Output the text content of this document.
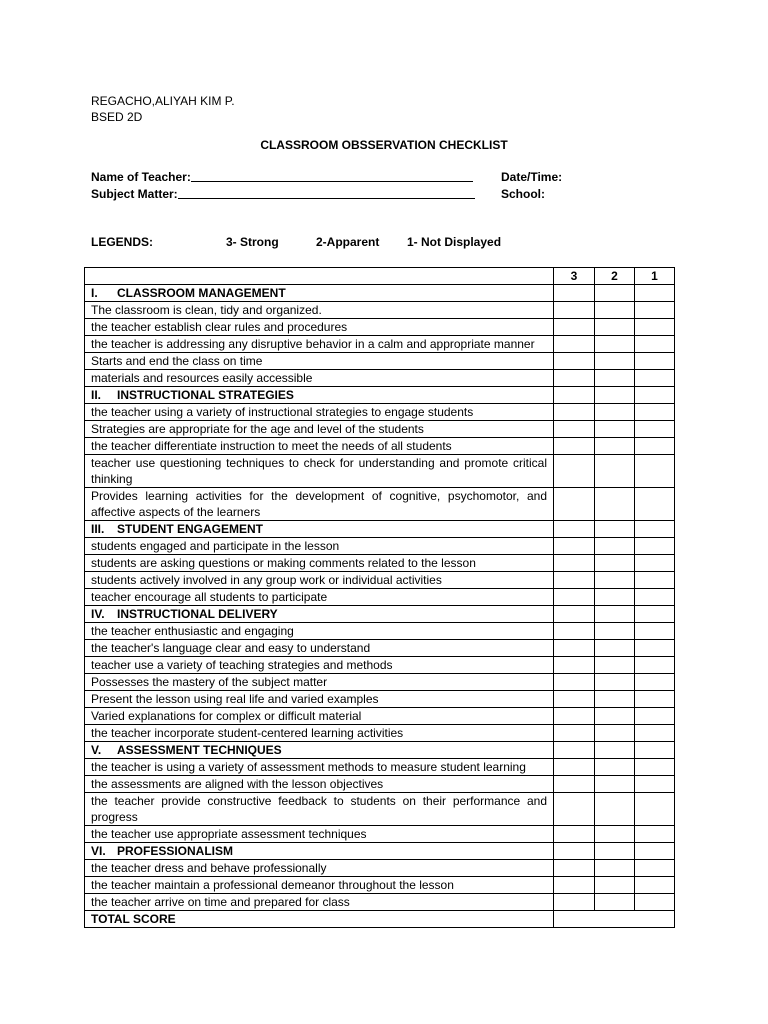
REGACHO,ALIYAH KIM P.
BSED 2D
CLASSROOM OBSSERVATION CHECKLIST
Name of Teacher:
Subject Matter:
Date/Time:
School:
LEGENDS:	3- Strong	2-Apparent 1- Not Displayed
	3	2	1
I. CLASSROOM MANAGEMENT			
The classroom is clean, tidy and organized.			
the teacher establish clear rules and procedures			
the teacher is addressing any disruptive behavior in a calm and appropriate manner			
Starts and end the class on time			
materials and resources easily accessible			
II. INSTRUCTIONAL STRATEGIES			
the teacher using a variety of instructional strategies to engage students			
Strategies are appropriate for the age and level of the students			
the teacher differentiate instruction to meet the needs of all students			
teacher use questioning techniques to check for understanding and promote critical thinking			
Provides learning activities for the development of cognitive, psychomotor, and affective aspects of the learners			
III. STUDENT ENGAGEMENT			
students engaged and participate in the lesson			
students are asking questions or making comments related to the lesson			
students actively involved in any group work or individual activities			
teacher encourage all students to participate			
IV. INSTRUCTIONAL DELIVERY			
the teacher enthusiastic and engaging			
the teacher's language clear and easy to understand			
teacher use a variety of teaching strategies and methods			
Possesses the mastery of the subject matter			
Present the lesson using real life and varied examples			
Varied explanations for complex or difficult material			
the teacher incorporate student-centered learning activities			
V. ASSESSMENT TECHNIQUES			
the teacher is using a variety of assessment methods to measure student learning			
the assessments are aligned with the lesson objectives			
the teacher provide constructive feedback to students on their performance and progress			
the teacher use appropriate assessment techniques			
VI. PROFESSIONALISM			
the teacher dress and behave professionally			
the teacher maintain a professional demeanor throughout the lesson			
the teacher arrive on time and prepared for class			
TOTAL SCORE			
